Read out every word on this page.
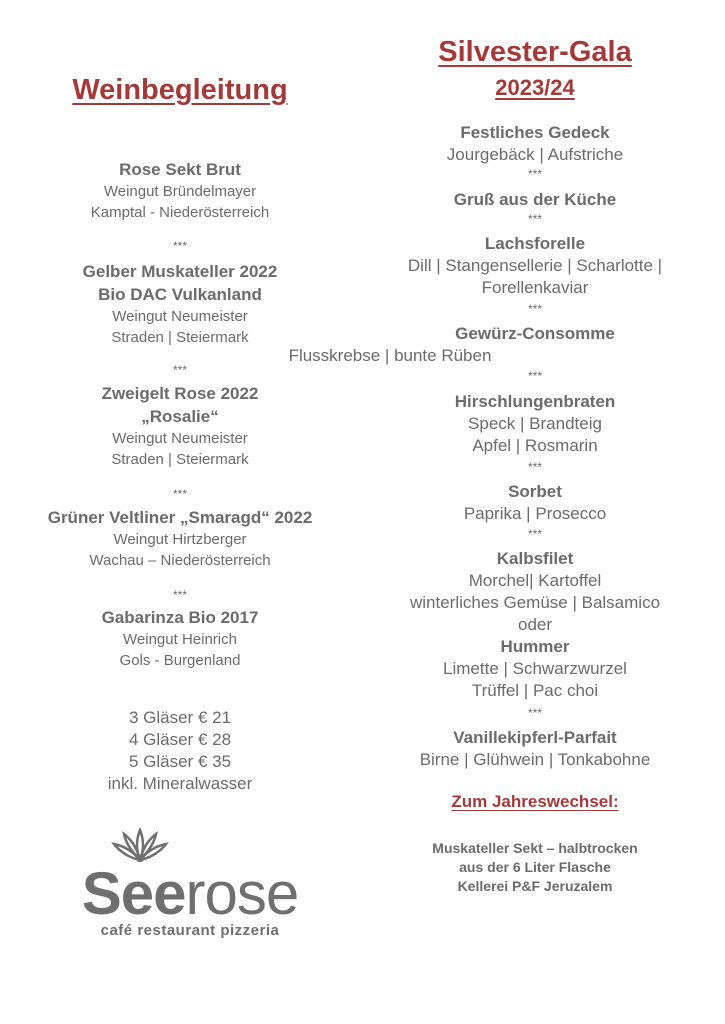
Weinbegleitung
Rose Sekt Brut
Weingut Bründelmayer
Kamptal - Niederösterreich
***
Gelber Muskateller 2022
Bio DAC Vulkanland
Weingut Neumeister
Straden | Steiermark
***
Zweigelt Rose 2022
„Rosalie“
Weingut Neumeister
Straden | Steiermark
***
Grüner Veltliner „Smaragd“ 2022
Weingut Hirtzberger
Wachau – Niederösterreich
***
Gabarinza Bio 2017
Weingut Heinrich
Gols - Burgenland
3 Gläser € 21
4 Gläser € 28
5 Gläser € 35
inkl. Mineralwasser
Seerose
café restaurant pizzeria
Silvester-Gala
2023/24
Festliches Gedeck
Jourgebäck | Aufstriche
***
Gruß aus der Küche
***
Lachsforelle
Dill | Stangensellerie | Scharlotte |
Forellenkaviar
***
Gewürz-Consomme
Flusskrebse | bunte Rüben
***
Hirschlungenbraten
Speck | Brandteig
Apfel | Rosmarin
***
Sorbet
Paprika | Prosecco
***
Kalbsfilet
Morchel| Kartoffel
winterliches Gemüse | Balsamico
oder
Hummer
Limette | Schwarzwurzel
Trüffel | Pac choi
***
Vanillekipferl-Parfait
Birne | Glühwein | Tonkabohne
Zum Jahreswechsel:
Muskateller Sekt – halbtrocken
aus der 6 Liter Flasche
Kellerei P&F Jeruzalem
